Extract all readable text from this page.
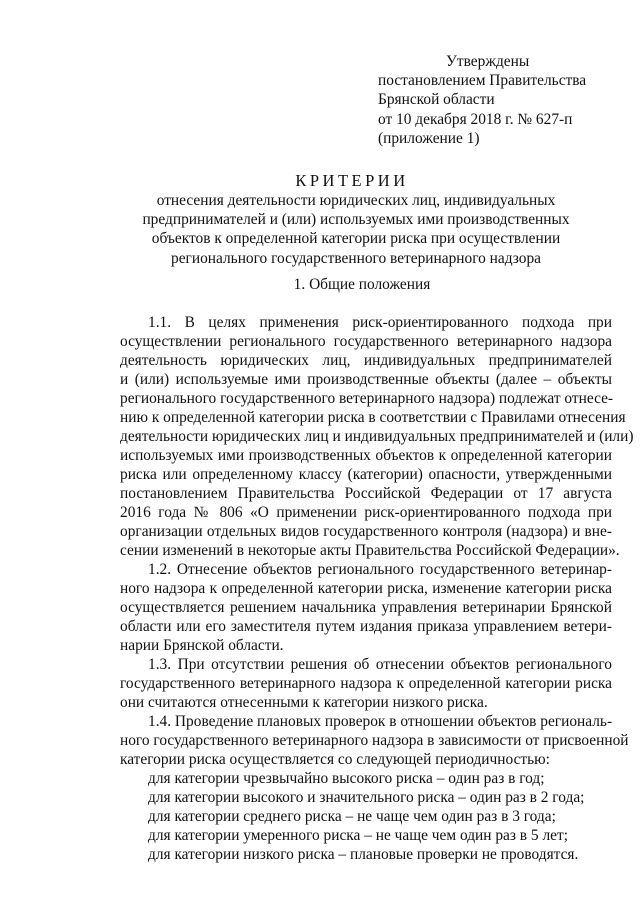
Утверждены
постановлением Правительства
Брянской области
от 10 декабря 2018 г. № 627-п
(приложение 1)
КРИТЕРИИ
отнесения деятельности юридических лиц, индивидуальных
предпринимателей и (или) используемых ими производственных
объектов к определенной категории риска при осуществлении
регионального государственного ветеринарного надзора
1. Общие положения
1.1. В целях применения риск-ориентированного подхода при
осуществлении регионального государственного ветеринарного надзора
деятельность юридических лиц, индивидуальных предпринимателей
и (или) используемые ими производственные объекты (далее – объекты
регионального государственного ветеринарного надзора) подлежат отнесе-
нию к определенной категории риска в соответствии с Правилами отнесения
деятельности юридических лиц и индивидуальных предпринимателей и (или)
используемых ими производственных объектов к определенной категории
риска или определенному классу (категории) опасности, утвержденными
постановлением Правительства Российской Федерации от 17 августа
2016 года № 806 «О применении риск-ориентированного подхода при
организации отдельных видов государственного контроля (надзора) и вне-
сении изменений в некоторые акты Правительства Российской Федерации».
1.2. Отнесение объектов регионального государственного ветеринар-
ного надзора к определенной категории риска, изменение категории риска
осуществляется решением начальника управления ветеринарии Брянской
области или его заместителя путем издания приказа управлением ветери-
нарии Брянской области.
1.3. При отсутствии решения об отнесении объектов регионального
государственного ветеринарного надзора к определенной категории риска
они считаются отнесенными к категории низкого риска.
1.4. Проведение плановых проверок в отношении объектов региональ-
ного государственного ветеринарного надзора в зависимости от присвоенной
категории риска осуществляется со следующей периодичностью:
для категории чрезвычайно высокого риска – один раз в год;
для категории высокого и значительного риска – один раз в 2 года;
для категории среднего риска – не чаще чем один раз в 3 года;
для категории умеренного риска – не чаще чем один раз в 5 лет;
для категории низкого риска – плановые проверки не проводятся.
